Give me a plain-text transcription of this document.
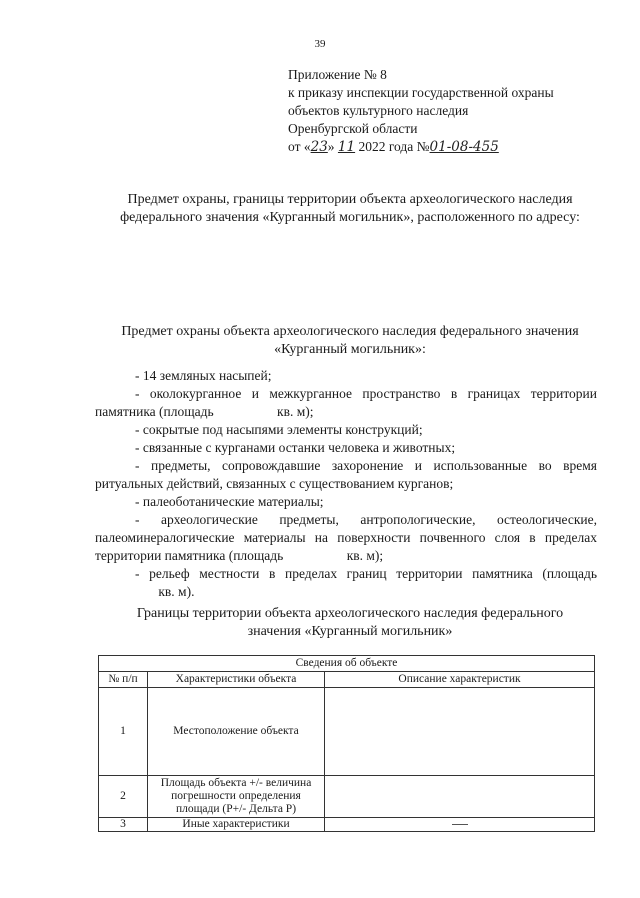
39
Приложение № 8
к приказу инспекции государственной охраны
объектов культурного наследия
Оренбургской области
от «23» 11 2022 года №01-08-455
Предмет охраны, границы территории объекта археологического наследия
федерального значения «Курганный могильник», расположенного по адресу:
Предмет охраны объекта археологического наследия федерального значения
«Курганный могильник»:
- 14 земляных насыпей;
- околокурганное и межкурганное пространство в границах территории памятника (площадь	кв. м);
- сокрытые под насыпями элементы конструкций;
- связанные с курганами останки человека и животных;
- предметы, сопровождавшие захоронение и использованные во время ритуальных действий, связанных с существованием курганов;
- палеоботанические материалы;
- археологические предметы, антропологические, остеологические, палеоминералогические материалы на поверхности почвенного слоя в пределах территории памятника (площадь	кв. м);
- рельеф местности в пределах границ территории памятника (площадь кв. м).
Границы территории объекта археологического наследия федерального
значения «Курганный могильник»
Сведения об объекте		
№ п/п	Характеристики объекта	Описание характеристик
1	Местоположение объекта	
2	Площадь объекта +/- величина погрешности определения площади (P+/- Дельта P)	
3	Иные характеристики	
